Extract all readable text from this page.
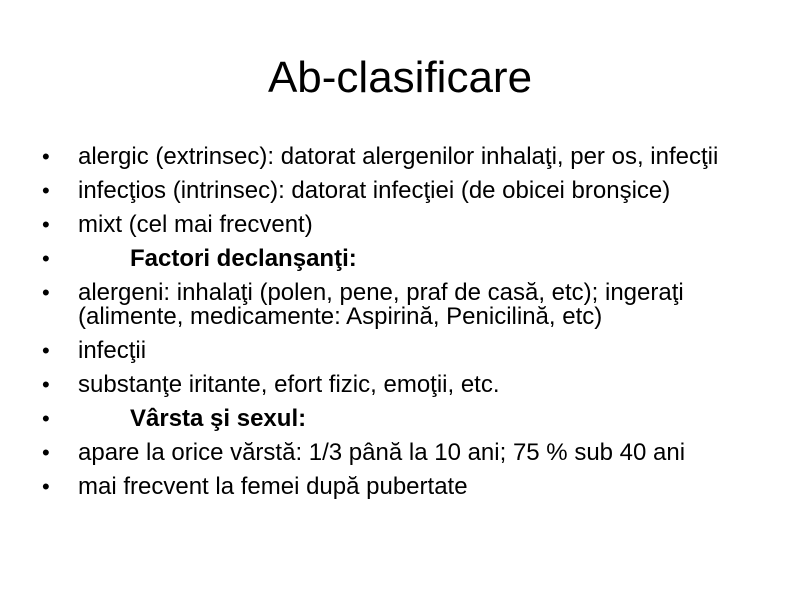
Ab-clasificare
• alergic (extrinsec): datorat alergenilor inhalaţi, per os, infecţii
• infecţios (intrinsec): datorat infecţiei (de obicei bronşice)
• mixt (cel mai frecvent)
•	Factori declanşanţi:
• alergeni: inhalaţi (polen, pene, praf de casă, etc); ingeraţi (alimente, medicamente: Aspirină, Penicilină, etc)
• infecţii
• substanţe iritante, efort fizic, emoţii, etc.
•	Vârsta şi sexul:
• apare la orice vărstă: 1/3 până la 10 ani; 75 % sub 40 ani
• mai frecvent la femei după pubertate
